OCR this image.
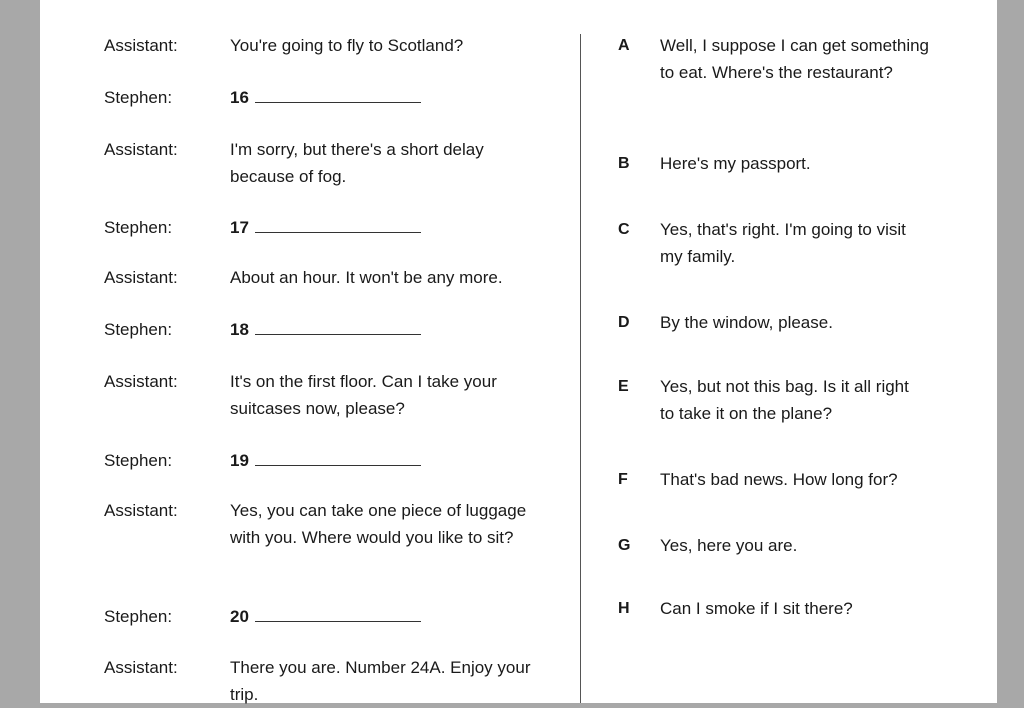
Assistant:	You're going to fly to Scotland?
Stephen:	16
Assistant:	I'm sorry, but there's a short delay because of fog.
Stephen:	17
Assistant:	About an hour. It won't be any more.
Stephen:	18
Assistant:	It's on the first floor. Can I take your suitcases now, please?
Stephen:	19
Assistant:	Yes, you can take one piece of luggage with you. Where would you like to sit?
Stephen:	20
Assistant:	There you are. Number 24A. Enjoy your trip.
A	Well, I suppose I can get something to eat. Where's the restaurant?
B	Here's my passport.
C	Yes, that's right. I'm going to visit my family.
D	By the window, please.
E	Yes, but not this bag. Is it all right to take it on the plane?
F	That's bad news. How long for?
G	Yes, here you are.
H	Can I smoke if I sit there?
